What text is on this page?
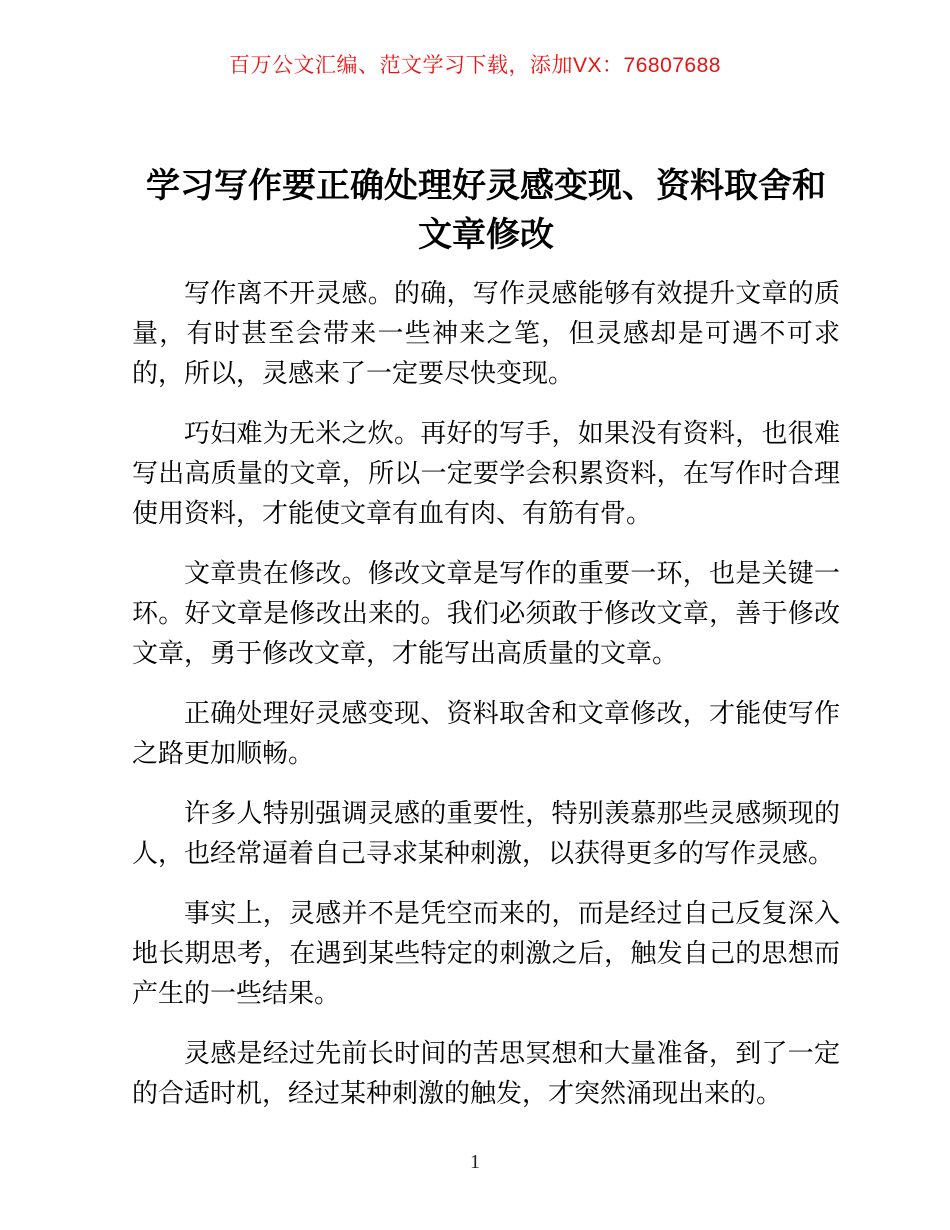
百万公文汇编、范文学习下载，添加VX：76807688
学习写作要正确处理好灵感变现、资料取舍和
文章修改

写作离不开灵感。的确，写作灵感能够有效提升文章的质量，有时甚至会带来一些神来之笔，但灵感却是可遇不可求的，所以，灵感来了一定要尽快变现。

巧妇难为无米之炊。再好的写手，如果没有资料，也很难写出高质量的文章，所以一定要学会积累资料，在写作时合理使用资料，才能使文章有血有肉、有筋有骨。

文章贵在修改。修改文章是写作的重要一环，也是关键一环。好文章是修改出来的。我们必须敢于修改文章，善于修改文章，勇于修改文章，才能写出高质量的文章。

正确处理好灵感变现、资料取舍和文章修改，才能使写作之路更加顺畅。

许多人特别强调灵感的重要性，特别羡慕那些灵感频现的人，也经常逼着自己寻求某种刺激，以获得更多的写作灵感。

事实上，灵感并不是凭空而来的，而是经过自己反复深入地长期思考，在遇到某些特定的刺激之后，触发自己的思想而产生的一些结果。

灵感是经过先前长时间的苦思冥想和大量准备，到了一定的合适时机，经过某种刺激的触发，才突然涌现出来的。

1
